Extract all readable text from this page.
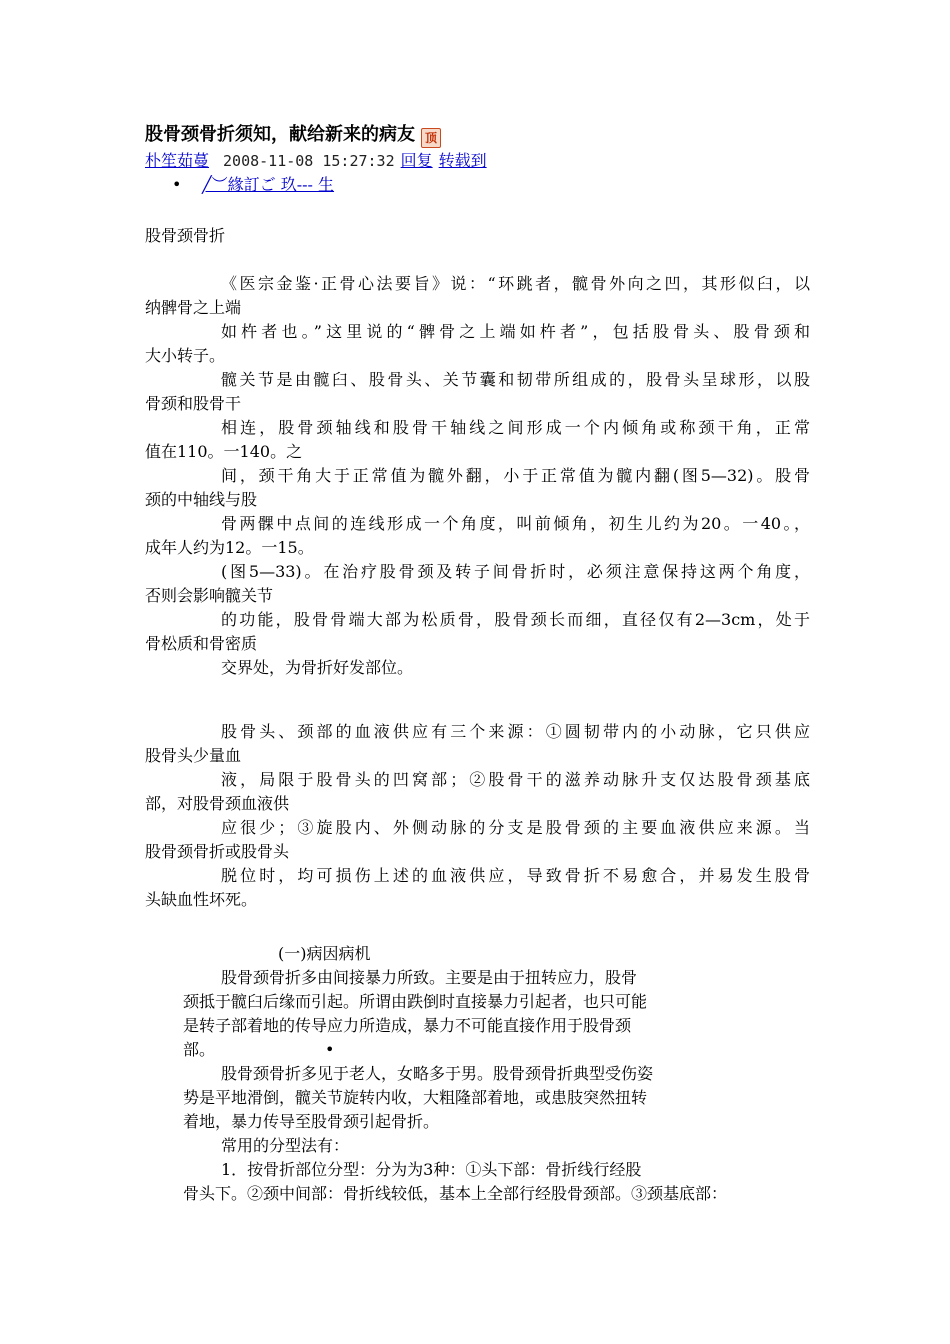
股骨颈骨折须知，献给新来的病友 顶
朴笙茹蔓 2008-11-08 15:27:32 回复 转载到
• ╱︶緣訂ご 玖--- 生
股骨颈骨折
《医宗金鉴·正骨心法要旨》说：“环跳者，髋骨外向之凹，其形似臼，以
纳髀骨之上端
如杵者也。”这里说的“髀骨之上端如杵者”，包括股骨头、股骨颈和
大小转子。
髋关节是由髋臼、股骨头、关节囊和韧带所组成的，股骨头呈球形，以股
骨颈和股骨干
相连，股骨颈轴线和股骨干轴线之间形成一个内倾角或称颈干角，正常
值在110。一140。之
间，颈干角大于正常值为髋外翻，小于正常值为髋内翻(图5—32)。股骨
颈的中轴线与股
骨两髁中点间的连线形成一个角度，叫前倾角，初生儿约为20。一40。，
成年人约为12。一15。
(图5—33)。在治疗股骨颈及转子间骨折时，必须注意保持这两个角度，
否则会影响髋关节
的功能，股骨骨端大部为松质骨，股骨颈长而细，直径仅有2—3cm，处于
骨松质和骨密质
交界处，为骨折好发部位。
股骨头、颈部的血液供应有三个来源：①圆韧带内的小动脉，它只供应
股骨头少量血
液，局限于股骨头的凹窝部；②股骨干的滋养动脉升支仅达股骨颈基底
部，对股骨颈血液供
应很少；③旋股内、外侧动脉的分支是股骨颈的主要血液供应来源。当
股骨颈骨折或股骨头
脱位时，均可损伤上述的血液供应，导致骨折不易愈合，并易发生股骨
头缺血性坏死。
(一)病因病机
股骨颈骨折多由间接暴力所致。主要是由于扭转应力，股骨
颈抵于髋臼后缘而引起。所谓由跌倒时直接暴力引起者，也只可能
是转子部着地的传导应力所造成，暴力不可能直接作用于股骨颈
部。	•
股骨颈骨折多见于老人，女略多于男。股骨颈骨折典型受伤姿
势是平地滑倒，髋关节旋转内收，大粗隆部着地，或患肢突然扭转
着地，暴力传导至股骨颈引起骨折。
常用的分型法有：
1．按骨折部位分型：分为为3种：①头下部：骨折线行经股
骨头下。②颈中间部：骨折线较低，基本上全部行经股骨颈部。③颈基底部：
